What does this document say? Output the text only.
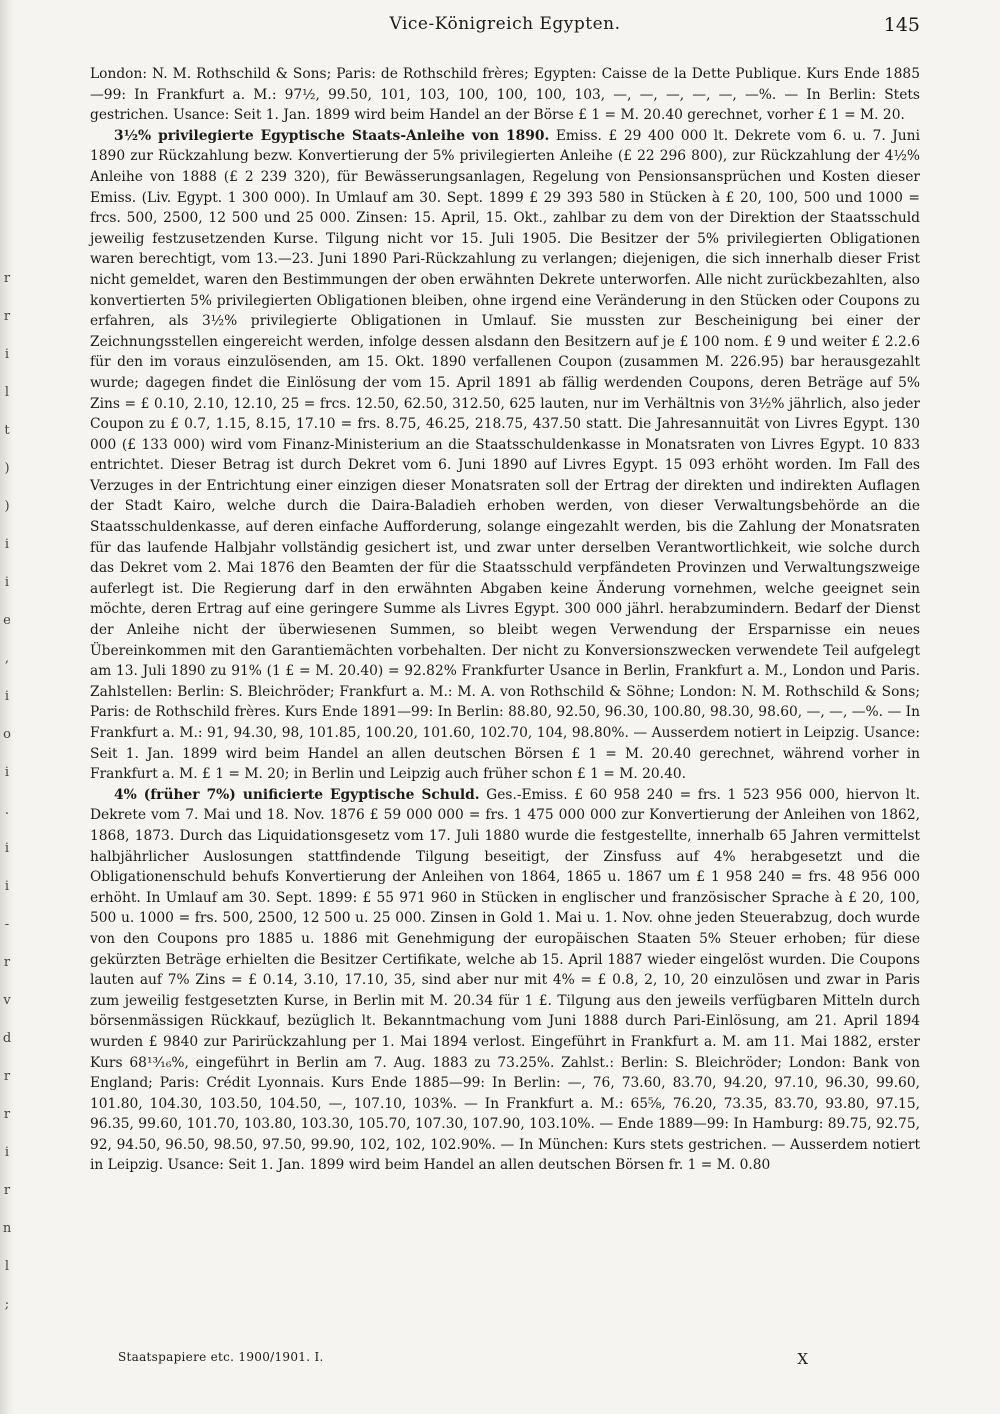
r
r
i
l
t
)
)
i
i
e
,
i
o
i
.
i
i
-
r
v
d
r
r
i
r
n
l
;
Vice-Königreich Egypten.	145

London: N. M. Rothschild & Sons; Paris: de Rothschild frères; Egypten: Caisse de la Dette Publique. Kurs Ende 1885—99: In Frankfurt a. M.: 97½, 99.50, 101, 103, 100, 100, 100, 103, —, —, —, —, —, —%. — In Berlin: Stets gestrichen. Usance: Seit 1. Jan. 1899 wird beim Handel an der Börse £ 1 = M. 20.40 gerechnet, vorher £ 1 = M. 20.

3½% privilegierte Egyptische Staats-Anleihe von 1890. Emiss. £ 29 400 000 lt. Dekrete vom 6. u. 7. Juni 1890 zur Rückzahlung bezw. Konvertierung der 5% privilegierten Anleihe (£ 22 296 800), zur Rückzahlung der 4½% Anleihe von 1888 (£ 2 239 320), für Bewässerungsanlagen, Regelung von Pensionsansprüchen und Kosten dieser Emiss. (Liv. Egypt. 1 300 000). In Umlauf am 30. Sept. 1899 £ 29 393 580 in Stücken à £ 20, 100, 500 und 1000 = frcs. 500, 2500, 12 500 und 25 000. Zinsen: 15. April, 15. Okt., zahlbar zu dem von der Direktion der Staatsschuld jeweilig festzusetzenden Kurse. Tilgung nicht vor 15. Juli 1905. Die Besitzer der 5% privilegierten Obligationen waren berechtigt, vom 13.—23. Juni 1890 Pari-Rückzahlung zu verlangen; diejenigen, die sich innerhalb dieser Frist nicht gemeldet, waren den Bestimmungen der oben erwähnten Dekrete unterworfen. Alle nicht zurückbezahlten, also konvertierten 5% privilegierten Obligationen bleiben, ohne irgend eine Veränderung in den Stücken oder Coupons zu erfahren, als 3½% privilegierte Obligationen in Umlauf. Sie mussten zur Bescheinigung bei einer der Zeichnungsstellen eingereicht werden, infolge dessen alsdann den Besitzern auf je £ 100 nom. £ 9 und weiter £ 2.2.6 für den im voraus einzulösenden, am 15. Okt. 1890 verfallenen Coupon (zusammen M. 226.95) bar herausgezahlt wurde; dagegen findet die Einlösung der vom 15. April 1891 ab fällig werdenden Coupons, deren Beträge auf 5% Zins = £ 0.10, 2.10, 12.10, 25 = frcs. 12.50, 62.50, 312.50, 625 lauten, nur im Verhältnis von 3½% jährlich, also jeder Coupon zu £ 0.7, 1.15, 8.15, 17.10 = frs. 8.75, 46.25, 218.75, 437.50 statt. Die Jahresannuität von Livres Egypt. 130 000 (£ 133 000) wird vom Finanz-Ministerium an die Staatsschuldenkasse in Monatsraten von Livres Egypt. 10 833 entrichtet. Dieser Betrag ist durch Dekret vom 6. Juni 1890 auf Livres Egypt. 15 093 erhöht worden. Im Fall des Verzuges in der Entrichtung einer einzigen dieser Monatsraten soll der Ertrag der direkten und indirekten Auflagen der Stadt Kairo, welche durch die Daira-Baladieh erhoben werden, von dieser Verwaltungsbehörde an die Staatsschuldenkasse, auf deren einfache Aufforderung, solange eingezahlt werden, bis die Zahlung der Monatsraten für das laufende Halbjahr vollständig gesichert ist, und zwar unter derselben Verantwortlichkeit, wie solche durch das Dekret vom 2. Mai 1876 den Beamten der für die Staatsschuld verpfändeten Provinzen und Verwaltungszweige auferlegt ist. Die Regierung darf in den erwähnten Abgaben keine Änderung vornehmen, welche geeignet sein möchte, deren Ertrag auf eine geringere Summe als Livres Egypt. 300 000 jährl. herabzumindern. Bedarf der Dienst der Anleihe nicht der überwiesenen Summen, so bleibt wegen Verwendung der Ersparnisse ein neues Übereinkommen mit den Garantiemächten vorbehalten. Der nicht zu Konversionszwecken verwendete Teil aufgelegt am 13. Juli 1890 zu 91% (1 £ = M. 20.40) = 92.82% Frankfurter Usance in Berlin, Frankfurt a. M., London und Paris. Zahlstellen: Berlin: S. Bleichröder; Frankfurt a. M.: M. A. von Rothschild & Söhne; London: N. M. Rothschild & Sons; Paris: de Rothschild frères. Kurs Ende 1891—99: In Berlin: 88.80, 92.50, 96.30, 100.80, 98.30, 98.60, —, —, —%. — In Frankfurt a. M.: 91, 94.30, 98, 101.85, 100.20, 101.60, 102.70, 104, 98.80%. — Ausserdem notiert in Leipzig. Usance: Seit 1. Jan. 1899 wird beim Handel an allen deutschen Börsen £ 1 = M. 20.40 gerechnet, während vorher in Frankfurt a. M. £ 1 = M. 20; in Berlin und Leipzig auch früher schon £ 1 = M. 20.40.

4% (früher 7%) unificierte Egyptische Schuld. Ges.-Emiss. £ 60 958 240 = frs. 1 523 956 000, hiervon lt. Dekrete vom 7. Mai und 18. Nov. 1876 £ 59 000 000 = frs. 1 475 000 000 zur Konvertierung der Anleihen von 1862, 1868, 1873. Durch das Liquidationsgesetz vom 17. Juli 1880 wurde die festgestellte, innerhalb 65 Jahren vermittelst halbjährlicher Auslosungen stattfindende Tilgung beseitigt, der Zinsfuss auf 4% herabgesetzt und die Obligationenschuld behufs Konvertierung der Anleihen von 1864, 1865 u. 1867 um £ 1 958 240 = frs. 48 956 000 erhöht. In Umlauf am 30. Sept. 1899: £ 55 971 960 in Stücken in englischer und französischer Sprache à £ 20, 100, 500 u. 1000 = frs. 500, 2500, 12 500 u. 25 000. Zinsen in Gold 1. Mai u. 1. Nov. ohne jeden Steuerabzug, doch wurde von den Coupons pro 1885 u. 1886 mit Genehmigung der europäischen Staaten 5% Steuer erhoben; für diese gekürzten Beträge erhielten die Besitzer Certifikate, welche ab 15. April 1887 wieder eingelöst wurden. Die Coupons lauten auf 7% Zins = £ 0.14, 3.10, 17.10, 35, sind aber nur mit 4% = £ 0.8, 2, 10, 20 einzulösen und zwar in Paris zum jeweilig festgesetzten Kurse, in Berlin mit M. 20.34 für 1 £. Tilgung aus den jeweils verfügbaren Mitteln durch börsenmässigen Rückkauf, bezüglich lt. Bekanntmachung vom Juni 1888 durch Pari-Einlösung, am 21. April 1894 wurden £ 9840 zur Parirückzahlung per 1. Mai 1894 verlost. Eingeführt in Frankfurt a. M. am 11. Mai 1882, erster Kurs 68¹³⁄₁₆%, eingeführt in Berlin am 7. Aug. 1883 zu 73.25%. Zahlst.: Berlin: S. Bleichröder; London: Bank von England; Paris: Crédit Lyonnais. Kurs Ende 1885—99: In Berlin: —, 76, 73.60, 83.70, 94.20, 97.10, 96.30, 99.60, 101.80, 104.30, 103.50, 104.50, —, 107.10, 103%. — In Frankfurt a. M.: 65⅝, 76.20, 73.35, 83.70, 93.80, 97.15, 96.35, 99.60, 101.70, 103.80, 103.30, 105.70, 107.30, 107.90, 103.10%. — Ende 1889—99: In Hamburg: 89.75, 92.75, 92, 94.50, 96.50, 98.50, 97.50, 99.90, 102, 102, 102.90%. — In München: Kurs stets gestrichen. — Ausserdem notiert in Leipzig. Usance: Seit 1. Jan. 1899 wird beim Handel an allen deutschen Börsen fr. 1 = M. 0.80

Staatspapiere etc. 1900/1901. I.	X
